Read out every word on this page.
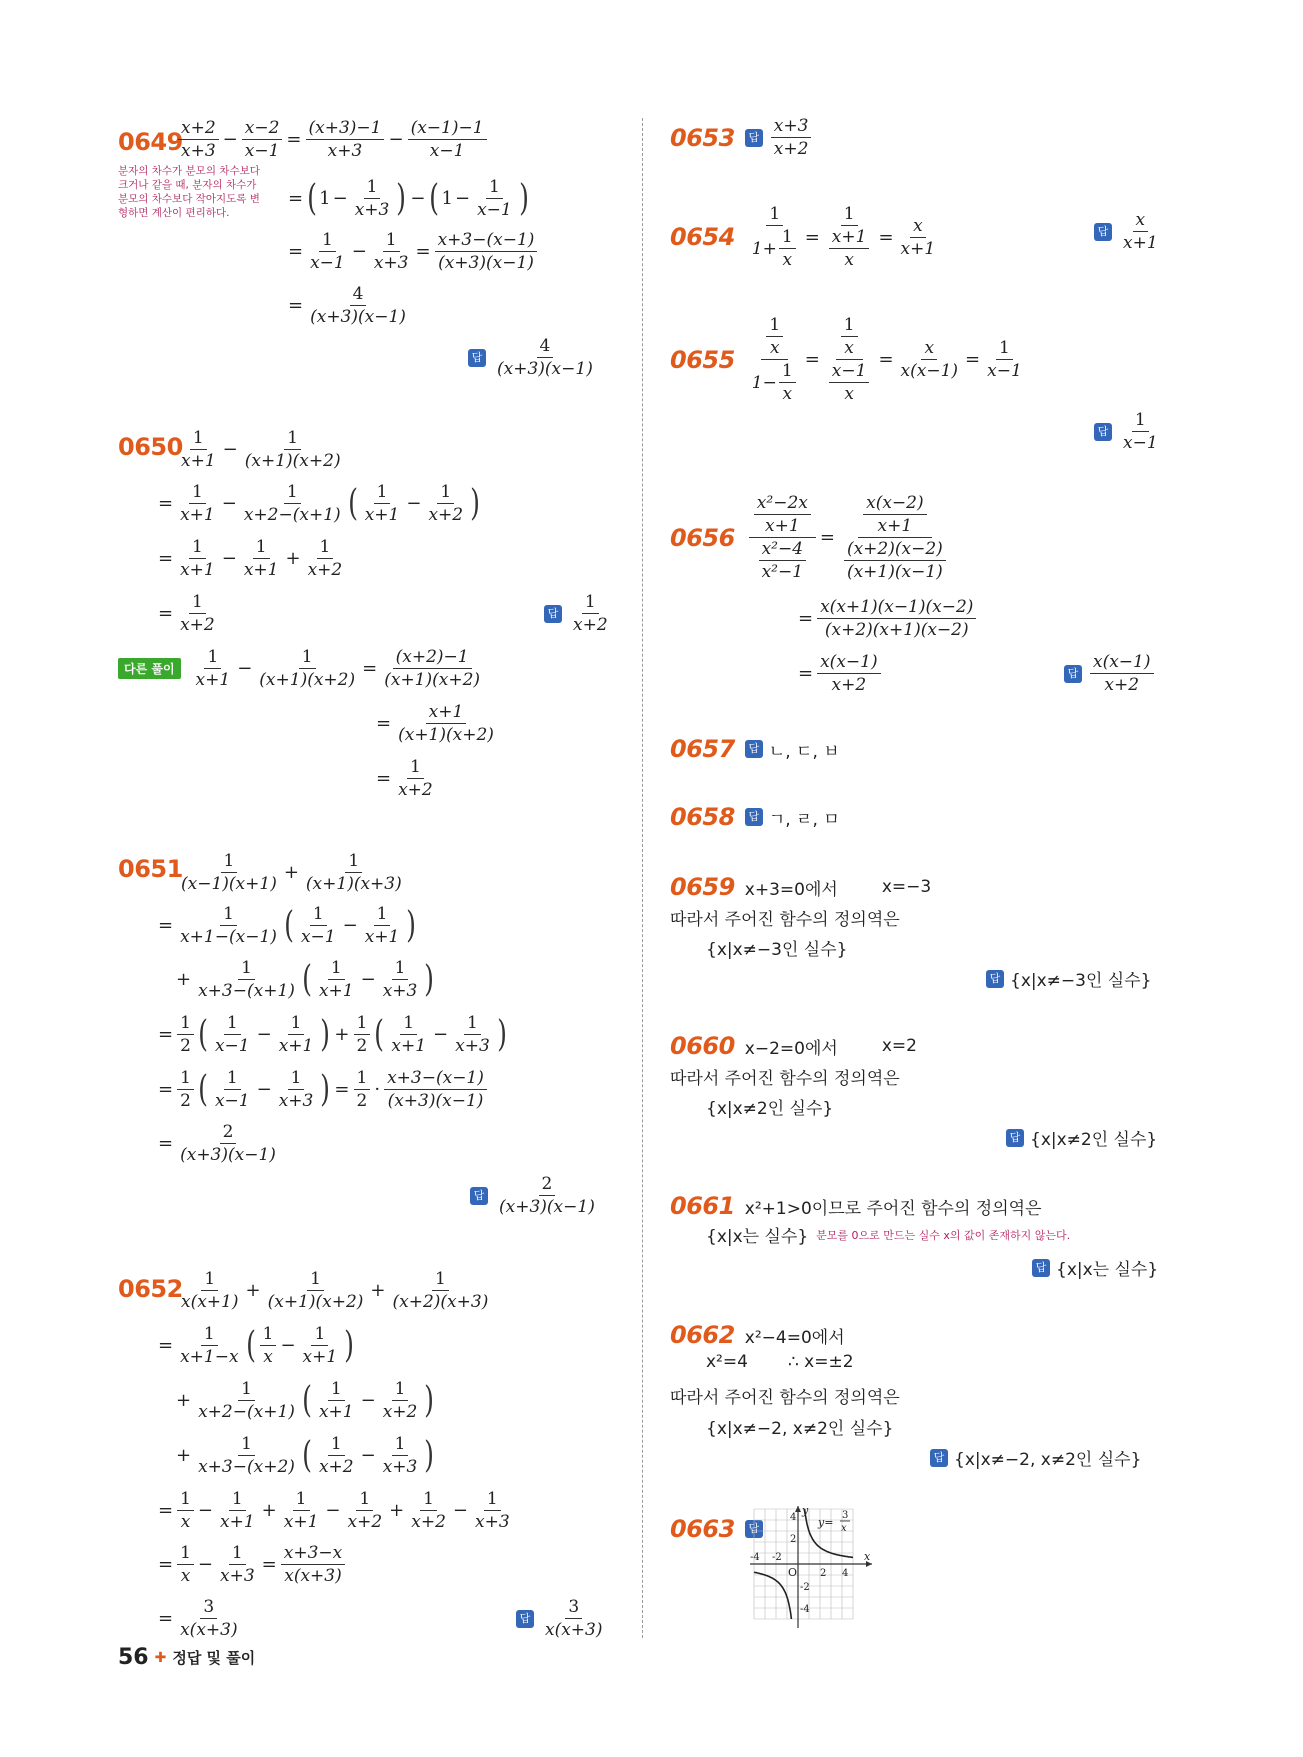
0649
$\frac{x+2}{x+3} - \frac{x-2}{x-1} = \frac{(x+3)-1}{x+3} - \frac{(x-1)-1}{x-1}$
분자의 차수가 분모의 차수보다 크거나 같을 때, 분자의 차수가 분모의 차수보다 작아지도록 변형하면 계산이 편리하다.
= ( $1 - \frac{1}{x+3}$ ) − ( $1 - \frac{1}{x-1}$ )
= $\frac{1}{x-1} - \frac{1}{x+3} = \frac{x+3-(x-1)}{(x+3)(x-1)}$
= $\frac{4}{(x+3)(x-1)}$
답 $\frac{4}{(x+3)(x-1)}$
0650
$\frac{1}{x+1} - \frac{1}{(x+1)(x+2)}$
= $\frac{1}{x+1} - \frac{1}{x+2-(x+1)}$ ( $\frac{1}{x+1} - \frac{1}{x+2}$ )
= $\frac{1}{x+1} - \frac{1}{x+1} + \frac{1}{x+2}$
= $\frac{1}{x+2}$	답 $\frac{1}{x+2}$
다른 풀이	$\frac{1}{x+1} - \frac{1}{(x+1)(x+2)} = \frac{(x+2)-1}{(x+1)(x+2)}$
= $\frac{x+1}{(x+1)(x+2)}$
= $\frac{1}{x+2}$
0651
$\frac{1}{(x-1)(x+1)} + \frac{1}{(x+1)(x+3)}$
= $\frac{1}{x+1-(x-1)}$ ( $\frac{1}{x-1} - \frac{1}{x+1}$ )
+ $\frac{1}{x+3-(x+1)}$ ( $\frac{1}{x+1} - \frac{1}{x+3}$ )
= $\frac{1}{2}$ ( $\frac{1}{x-1} - \frac{1}{x+1}$ ) + $\frac{1}{2}$ ( $\frac{1}{x+1} - \frac{1}{x+3}$ )
= $\frac{1}{2}$ ( $\frac{1}{x-1} - \frac{1}{x+3}$ ) = $\frac{1}{2} \cdot \frac{x+3-(x-1)}{(x+3)(x-1)}$
= $\frac{2}{(x+3)(x-1)}$
답 $\frac{2}{(x+3)(x-1)}$
0652
$\frac{1}{x(x+1)} + \frac{1}{(x+1)(x+2)} + \frac{1}{(x+2)(x+3)}$
= $\frac{1}{x+1-x}$ ( $\frac{1}{x} - \frac{1}{x+1}$ )
+ $\frac{1}{x+2-(x+1)}$ ( $\frac{1}{x+1} - \frac{1}{x+2}$ )
+ $\frac{1}{x+3-(x+2)}$ ( $\frac{1}{x+2} - \frac{1}{x+3}$ )
= $\frac{1}{x} - \frac{1}{x+1} + \frac{1}{x+1} - \frac{1}{x+2} + \frac{1}{x+2} - \frac{1}{x+3}$
= $\frac{1}{x} - \frac{1}{x+3} = \frac{x+3-x}{x(x+3)}$
= $\frac{3}{x(x+3)}$	답 $\frac{3}{x(x+3)}$
0653	답 $\frac{x+3}{x+2}$
$0654 \frac{1}{1+ \frac{1}{x}} = \frac{1}{\frac{x+1}{x}} = \frac{x}{x+1}$	답 $\frac{x}{x+1}$
$0655 \frac{\frac{1}{x}}{1- \frac{1}{x}} = \frac{\frac{1}{x}}{\frac{x-1}{x}} = \frac{x}{x(x-1)} = \frac{1}{x-1}$
답 $\frac{1}{x-1}$
$0656 \frac{\frac{\text{x²−2x}}{x+1}}{\frac{\text{x²−4}}{\text{x²−1}}} = \frac{\frac{x(x-2)}{x+1}}{\frac{(x+2)(x-2)}{(x+1)(x-1)}}$
= $\frac{x(x+1)(x-1)(x-2)}{(x+2)(x+1)(x-2)}$
= $\frac{x(x-1)}{x+2}$	답 $\frac{x(x-1)}{x+2}$
0657	답 ㄴ, ㄷ, ㅂ
0658	답 ㄱ, ㄹ, ㅁ
0659 x+3=0에서	x=−3
따라서 주어진 함수의 정의역은
{x|x≠−3인 실수}
답 {x|x≠−3인 실수}
0660 x−2=0에서	x=2
따라서 주어진 함수의 정의역은
{x|x≠2인 실수}
답 {x|x≠2인 실수}
0661 x²+1>0이므로 주어진 함수의 정의역은
{x|x는 실수} 분모를 0으로 만드는 실수 x의 값이 존재하지 않는다.
답 {x|x는 실수}
0662 x²−4=0에서
x²=4 ∴ x=±2
따라서 주어진 함수의 정의역은
{x|x≠−2, x≠2인 실수}
답 {x|x≠−2, x≠2인 실수}
0663	답
y
x
O
y=
3
x
-4 -2
2 4
4
2
-2
-4
56 ✚ 정답 및 풀이
